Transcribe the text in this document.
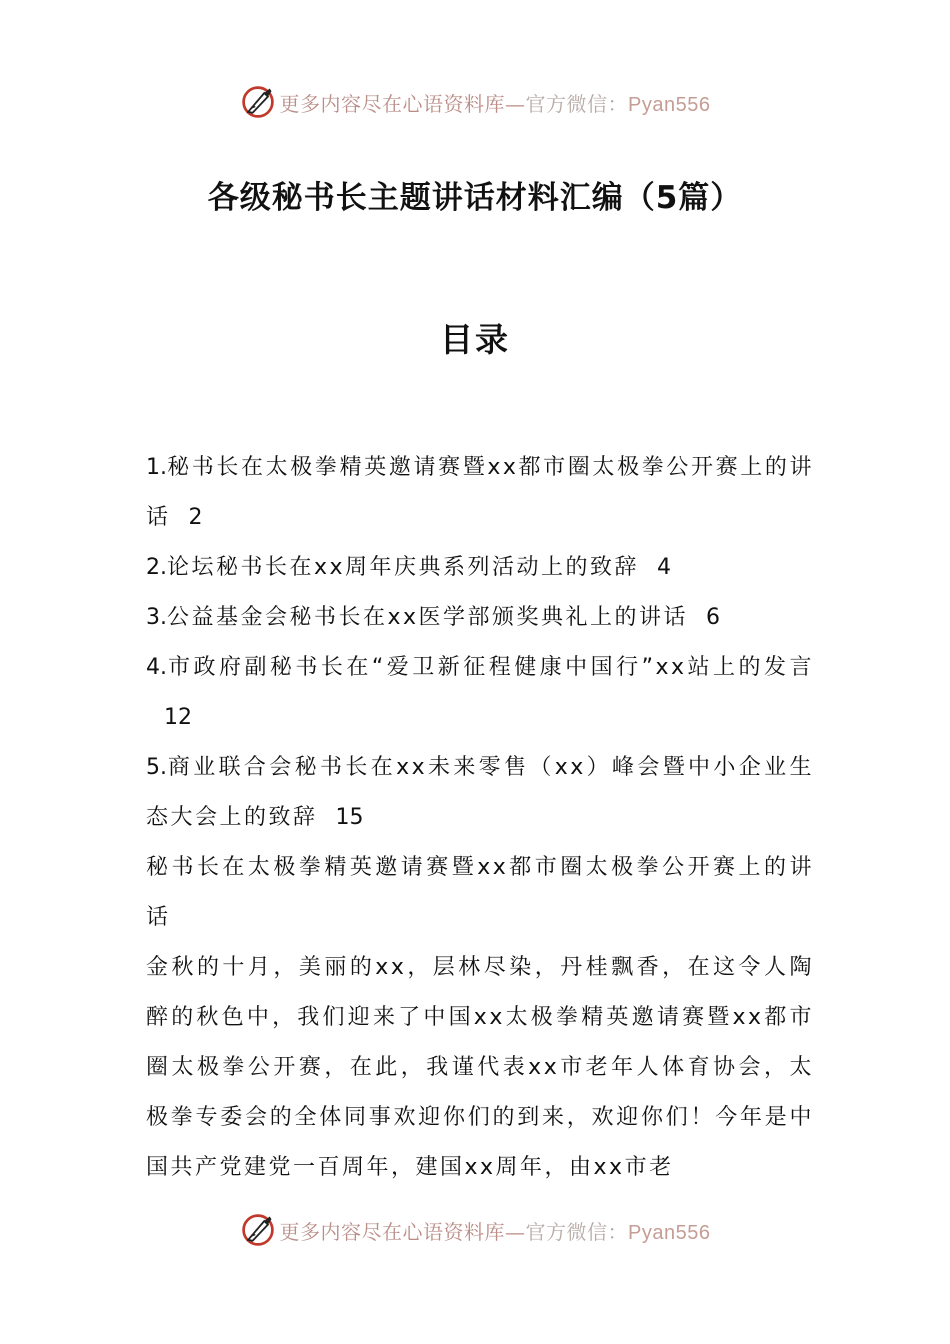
更多内容尽在心语资料库—官方微信：Pyan556
各级秘书长主题讲话材料汇编（5篇）
目录

1.秘书长在太极拳精英邀请赛暨xx都市圈太极拳公开赛上的讲话 2

2.论坛秘书长在xx周年庆典系列活动上的致辞 4

3.公益基金会秘书长在xx医学部颁奖典礼上的讲话 6

4.市政府副秘书长在“爱卫新征程健康中国行”xx站上的发言12

5.商业联合会秘书长在xx未来零售（xx）峰会暨中小企业生态大会上的致辞 15

秘书长在太极拳精英邀请赛暨xx都市圈太极拳公开赛上的讲话

金秋的十月，美丽的xx，层林尽染，丹桂飘香，在这令人陶醉的秋色中，我们迎来了中国xx太极拳精英邀请赛暨xx都市圈太极拳公开赛，在此，我谨代表xx市老年人体育协会，太极拳专委会的全体同事欢迎你们的到来，欢迎你们！今年是中国共产党建党一百周年，建国xx周年，由xx市老

更多内容尽在心语资料库—官方微信：Pyan556
